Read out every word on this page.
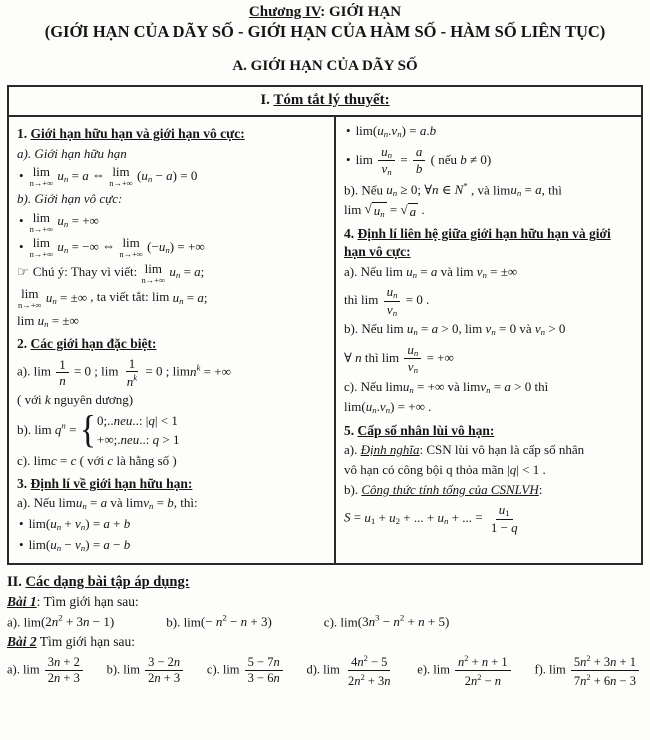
Chương IV: GIỚI HẠN
(GIỚI HẠN CỦA DÃY SỐ - GIỚI HẠN CỦA HÀM SỐ - HÀM SỐ LIÊN TỤC)
A. GIỚI HẠN CỦA DÃY SỐ
I. Tóm tắt lý thuyết:
1. Giới hạn hữu hạn và giới hạn vô cực:
a). Giới hạn hữu hạn
• lim
n→+∞
un = a ⇔ lim
n→+∞
(un − a) = 0
b). Giới hạn vô cực:
• lim
n→+∞
un = +∞
• lim
n→+∞
un = −∞ ⇔ lim
n→+∞
(−un) = +∞
☞ Chú ý: Thay vì viết: lim
n→+∞
un = a;
lim
n→+∞
un = ±∞ , ta viết tắt: lim un = a;
lim un = ±∞
2. Các giới hạn đặc biệt:
a). $\lim \frac{1}{n} = 0$ ; $\lim \frac{1}{n^k} = 0$ ; limn$^k$ = +∞
( với k nguyên dương)
b). $\lim q^n$ = { 0;..neu..: |q| < 1
+∞;.neu..: q > 1
c). limc = c ( với c là hằng số )
3. Định lí về giới hạn hữu hạn:
a). Nếu limun = a và limvn = b, thì:
• lim(un + vn) = a + b
• lim(un − vn) = a − b
• lim(un.vn) = a.b
• $\lim \frac{un}{vn} = \frac{a}{b}$ ( nếu b ≠ 0)
b). Nếu un ≥ 0; ∀n ∈ N* , và limun = a, thì
lim √ un = √ a .
4. Định lí liên hệ giữa giới hạn hữu hạn và giới hạn vô cực:
a). Nếu lim un = a và lim vn = ±∞
thì $\lim \frac{un}{vn} = 0$ .
b). Nếu lim un = a > 0, lim vn = 0 và vn > 0
∀ n thì $\lim \frac{un}{vn}$ = +∞
c). Nếu limun = +∞ và limvn = a > 0 thì
lim(un.vn) = +∞ .
5. Cấp số nhân lùi vô hạn:
a). Định nghĩa: CSN lùi vô hạn là cấp số nhân
vô hạn có công bội q thỏa mãn |q| < 1 .
b). Công thức tính tổng của CSNLVH:
S = u1 + u2 + ... + un + ... = $\frac{u1}{1 - q}$
II. Các dạng bài tập áp dụng:
Bài 1: Tìm giới hạn sau:
a). $\lim(2n^2 + 3n - 1)$	b). $\lim(- n^2 - n + 3)$	c). $\lim(3n^3 - n^2 + n + 5)$
Bài 2 Tìm giới hạn sau:
a). $\lim \frac{3n + 2}{2n + 3} b$). $\lim \frac{3 - 2n}{2n + 3} c$). $\lim \frac{5 - 7n}{3 - 6n} d$). $\lim \frac{4n^2 - 5}{2n^2 + 3n} e$). $\lim \frac{n^2 + n + 1}{2n^2 - n} f$). $\lim \frac{5n^2 + 3n + 1}{7n^2 + 6n - 3}$
